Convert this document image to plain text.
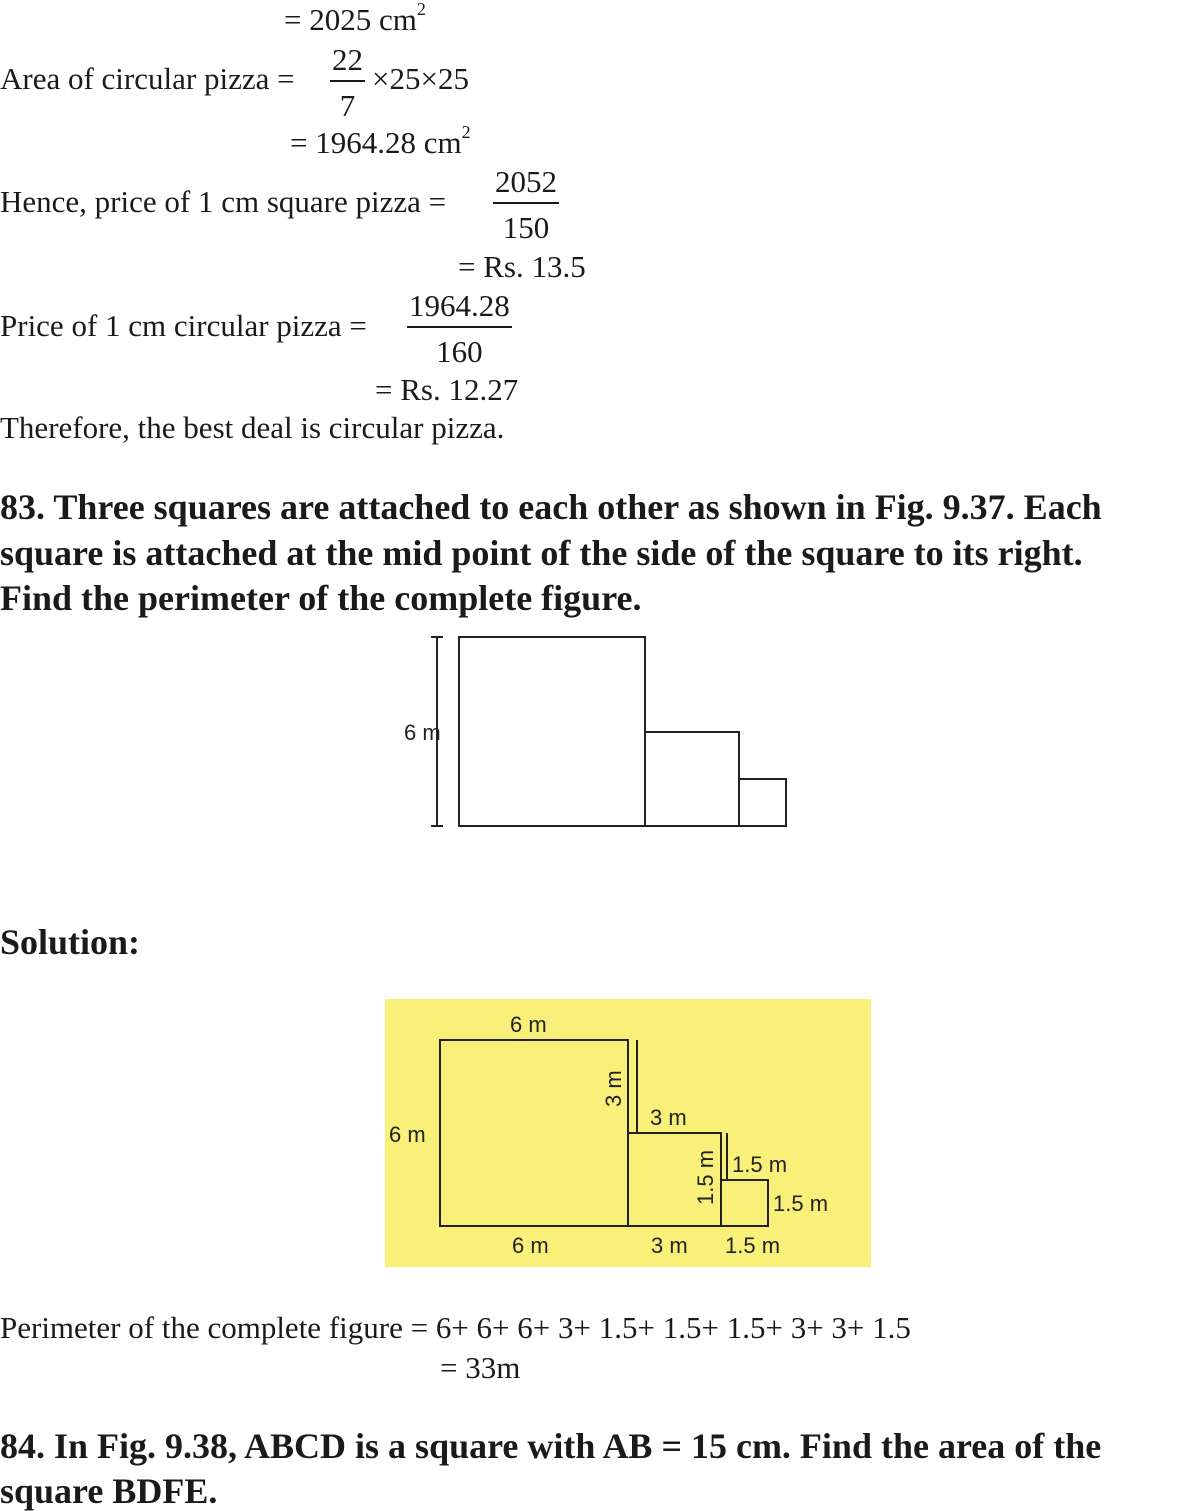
= 2025 $cm^2$
Area of circular pizza = $\frac{22}{7} \times 25\times 25$
= 1964.28 $cm^2$
Hence, price of 1 cm square pizza = $\frac{2052}{150}$
= Rs. 13.5
Price of 1 cm circular pizza = $\frac{1964.28}{160}$
= Rs. 12.27
Therefore, the best deal is circular pizza.
83. Three squares are attached to each other as shown in Fig. 9.37. Each
square is attached at the mid point of the side of the square to its right.
Find the perimeter of the complete figure.
6 m
Solution:
6 m
6 m
6 m
3 m
3 m
3 m
1.5 m 1.5 m
1.5 m
1.5 m
Perimeter of the complete figure = 6+ 6+ 6+ 3+ 1.5+ 1.5+ 1.5+ 3+ 3+ 1.5
= 33m
84. In Fig. 9.38, ABCD is a square with AB = 15 cm. Find the area of the
square BDFE.
